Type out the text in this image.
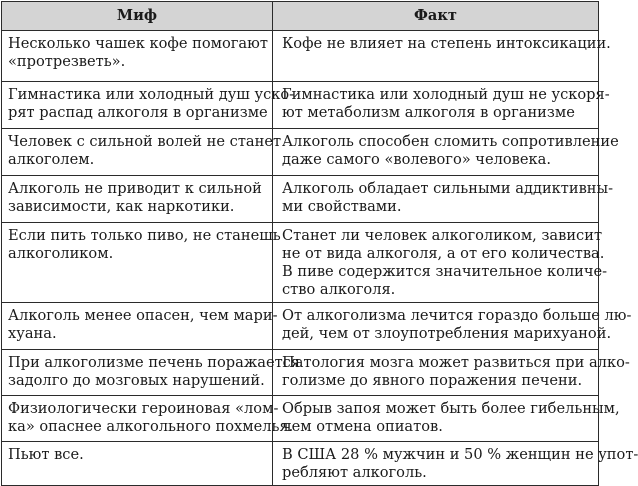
Миф	Факт

Несколько чашек кофе помогают
«протрезветь».	Кофе не влияет на степень интоксикации.

Гимнастика или холодный душ уско-
рят распад алкоголя в организме	Гимнастика или холодный душ не ускоря-
ют метаболизм алкоголя в организме

Человек с сильной волей не станет
алкоголем.	Алкоголь способен сломить сопротивление
даже самого «волевого» человека.

Алкоголь не приводит к сильной
зависимости, как наркотики.	Алкоголь обладает сильными аддиктивны-
ми свойствами.

Если пить только пиво, не станешь
алкоголиком.	Станет ли человек алкоголиком, зависит
не от вида алкоголя, а от его количества.
В пиве содержится значительное количе-
ство алкоголя.

Алкоголь менее опасен, чем мари-
хуана.	От алкоголизма лечится гораздо больше лю-
дей, чем от злоупотребления марихуаной.

При алкоголизме печень поражается
задолго до мозговых нарушений.	Патология мозга может развиться при алко-
голизме до явного поражения печени.

Физиологически героиновая «лом-
ка» опаснее алкогольного похмелья.	Обрыв запоя может быть более гибельным,
чем отмена опиатов.

Пьют все.	В США 28 % мужчин и 50 % женщин не упот-
ребляют алкоголь.
